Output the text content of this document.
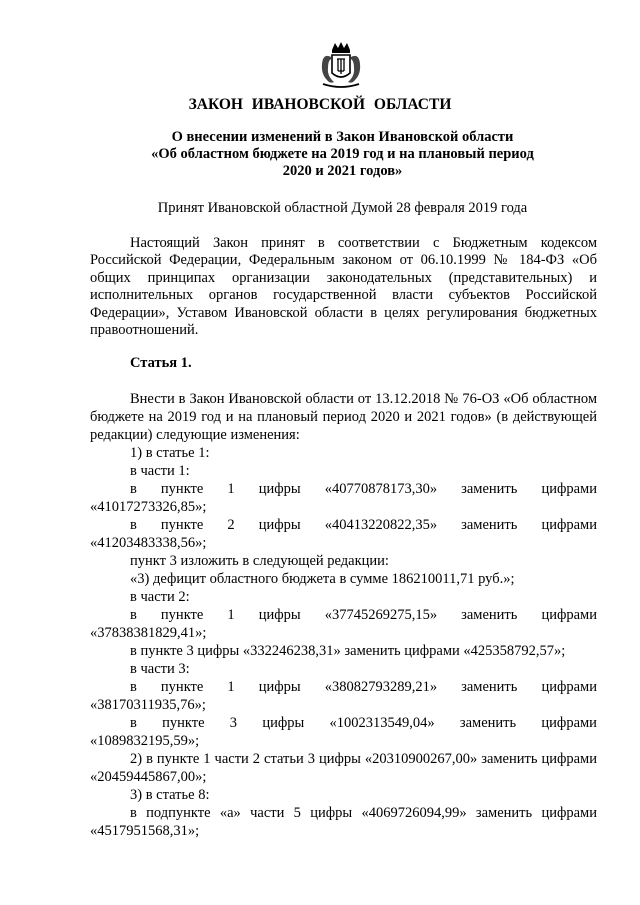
ЗАКОН ИВАНОВСКОЙ ОБЛАСТИ
О внесении изменений в Закон Ивановской области
«Об областном бюджете на 2019 год и на плановый период
2020 и 2021 годов»
Принят Ивановской областной Думой 28 февраля 2019 года

Настоящий Закон принят в соответствии с Бюджетным кодексом Российской Федерации, Федеральным законом от 06.10.1999 № 184-ФЗ «Об общих принципах организации законодательных (представительных) и исполнительных органов государственной власти субъектов Российской Федерации», Уставом Ивановской области в целях регулирования бюджетных правоотношений.

Статья 1.
Внести в Закон Ивановской области от 13.12.2018 № 76-ОЗ «Об областном бюджете на 2019 год и на плановый период 2020 и 2021 годов» (в действующей редакции) следующие изменения:
1) в статье 1:
в части 1:
в пункте 1 цифры «40770878173,30» заменить цифрами
«41017273326,85»;
в пункте 2 цифры «40413220822,35» заменить цифрами
«41203483338,56»;
пункт 3 изложить в следующей редакции:
«3) дефицит областного бюджета в сумме 186210011,71 руб.»;
в части 2:
в пункте 1 цифры «37745269275,15» заменить цифрами
«37838381829,41»;
в пункте 3 цифры «332246238,31» заменить цифрами «425358792,57»;
в части 3:
в пункте 1 цифры «38082793289,21» заменить цифрами
«38170311935,76»;
в пункте 3 цифры «1002313549,04» заменить цифрами
«1089832195,59»;
2) в пункте 1 части 2 статьи 3 цифры «20310900267,00» заменить цифрами «20459445867,00»;
3) в статье 8:
в подпункте «а» части 5 цифры «4069726094,99» заменить цифрами «4517951568,31»;
